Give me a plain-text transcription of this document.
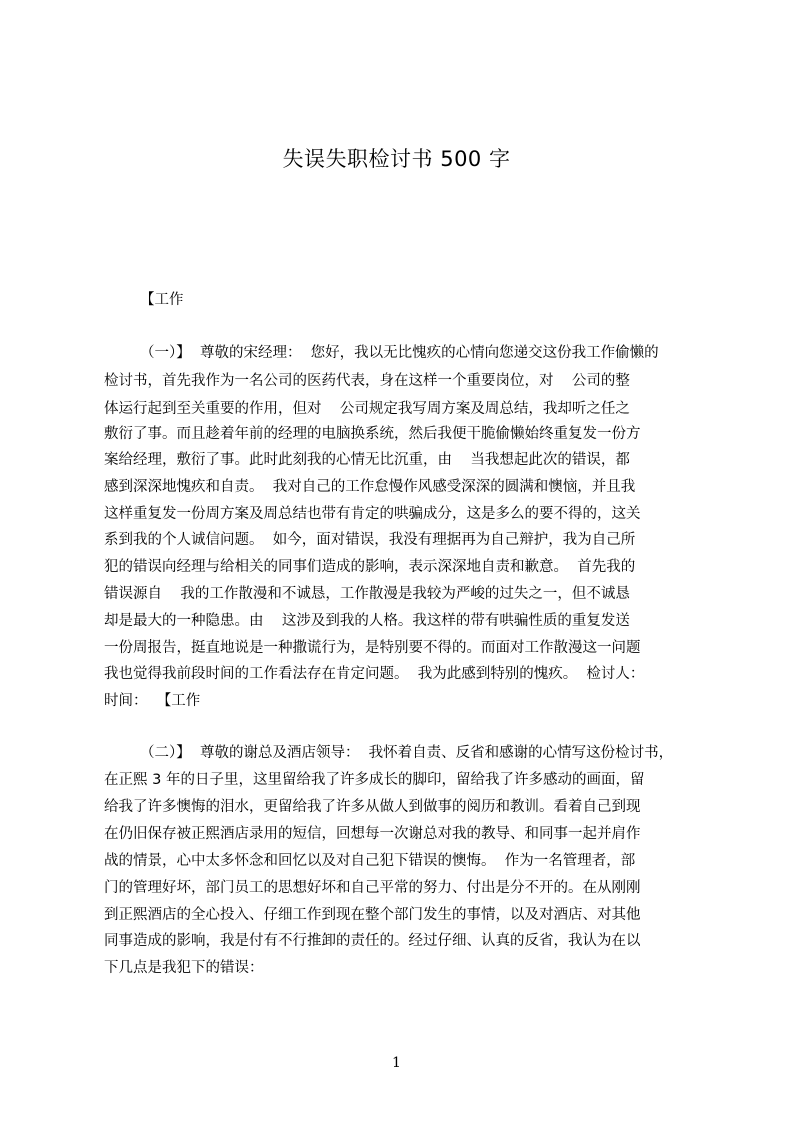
失误失职检讨书 500 字
【工作
（一）】  尊敬的宋经理：  您好，我以无比愧疚的心情向您递交这份我工作偷懒的
检讨书，首先我作为一名公司的医药代表，身在这样一个重要岗位，对    公司的整
体运行起到至关重要的作用，但对    公司规定我写周方案及周总结，我却听之任之
敷衍了事。而且趁着年前的经理的电脑换系统，然后我便干脆偷懒始终重复发一份方
案给经理，敷衍了事。此时此刻我的心情无比沉重，由    当我想起此次的错误，都
感到深深地愧疚和自责。  我对自己的工作怠慢作风感受深深的圆满和懊恼，并且我
这样重复发一份周方案及周总结也带有肯定的哄骗成分，这是多么的要不得的，这关
系到我的个人诚信问题。  如今，面对错误，我没有理据再为自己辩护，我为自己所
犯的错误向经理与给相关的同事们造成的影响，表示深深地自责和歉意。  首先我的
错误源自    我的工作散漫和不诚恳，工作散漫是我较为严峻的过失之一，但不诚恳
却是最大的一种隐患。由    这涉及到我的人格。我这样的带有哄骗性质的重复发送
一份周报告，挺直地说是一种撒谎行为，是特别要不得的。而面对工作散漫这一问题
我也觉得我前段时间的工作看法存在肯定问题。  我为此感到特别的愧疚。  检讨人：
时间：  【工作
（二）】  尊敬的谢总及酒店领导：  我怀着自责、反省和感谢的心情写这份检讨书，
在正熙 3 年的日子里，这里留给我了许多成长的脚印，留给我了许多感动的画面，留
给我了许多懊悔的泪水，更留给我了许多从做人到做事的阅历和教训。看着自己到现
在仍旧保存被正熙酒店录用的短信，回想每一次谢总对我的教导、和同事一起并肩作
战的情景，心中太多怀念和回忆以及对自己犯下错误的懊悔。  作为一名管理者，部
门的管理好坏，部门员工的思想好坏和自己平常的努力、付出是分不开的。在从刚刚
到正熙酒店的全心投入、仔细工作到现在整个部门发生的事情，以及对酒店、对其他
同事造成的影响，我是付有不行推卸的责任的。经过仔细、认真的反省，我认为在以
下几点是我犯下的错误：
1
